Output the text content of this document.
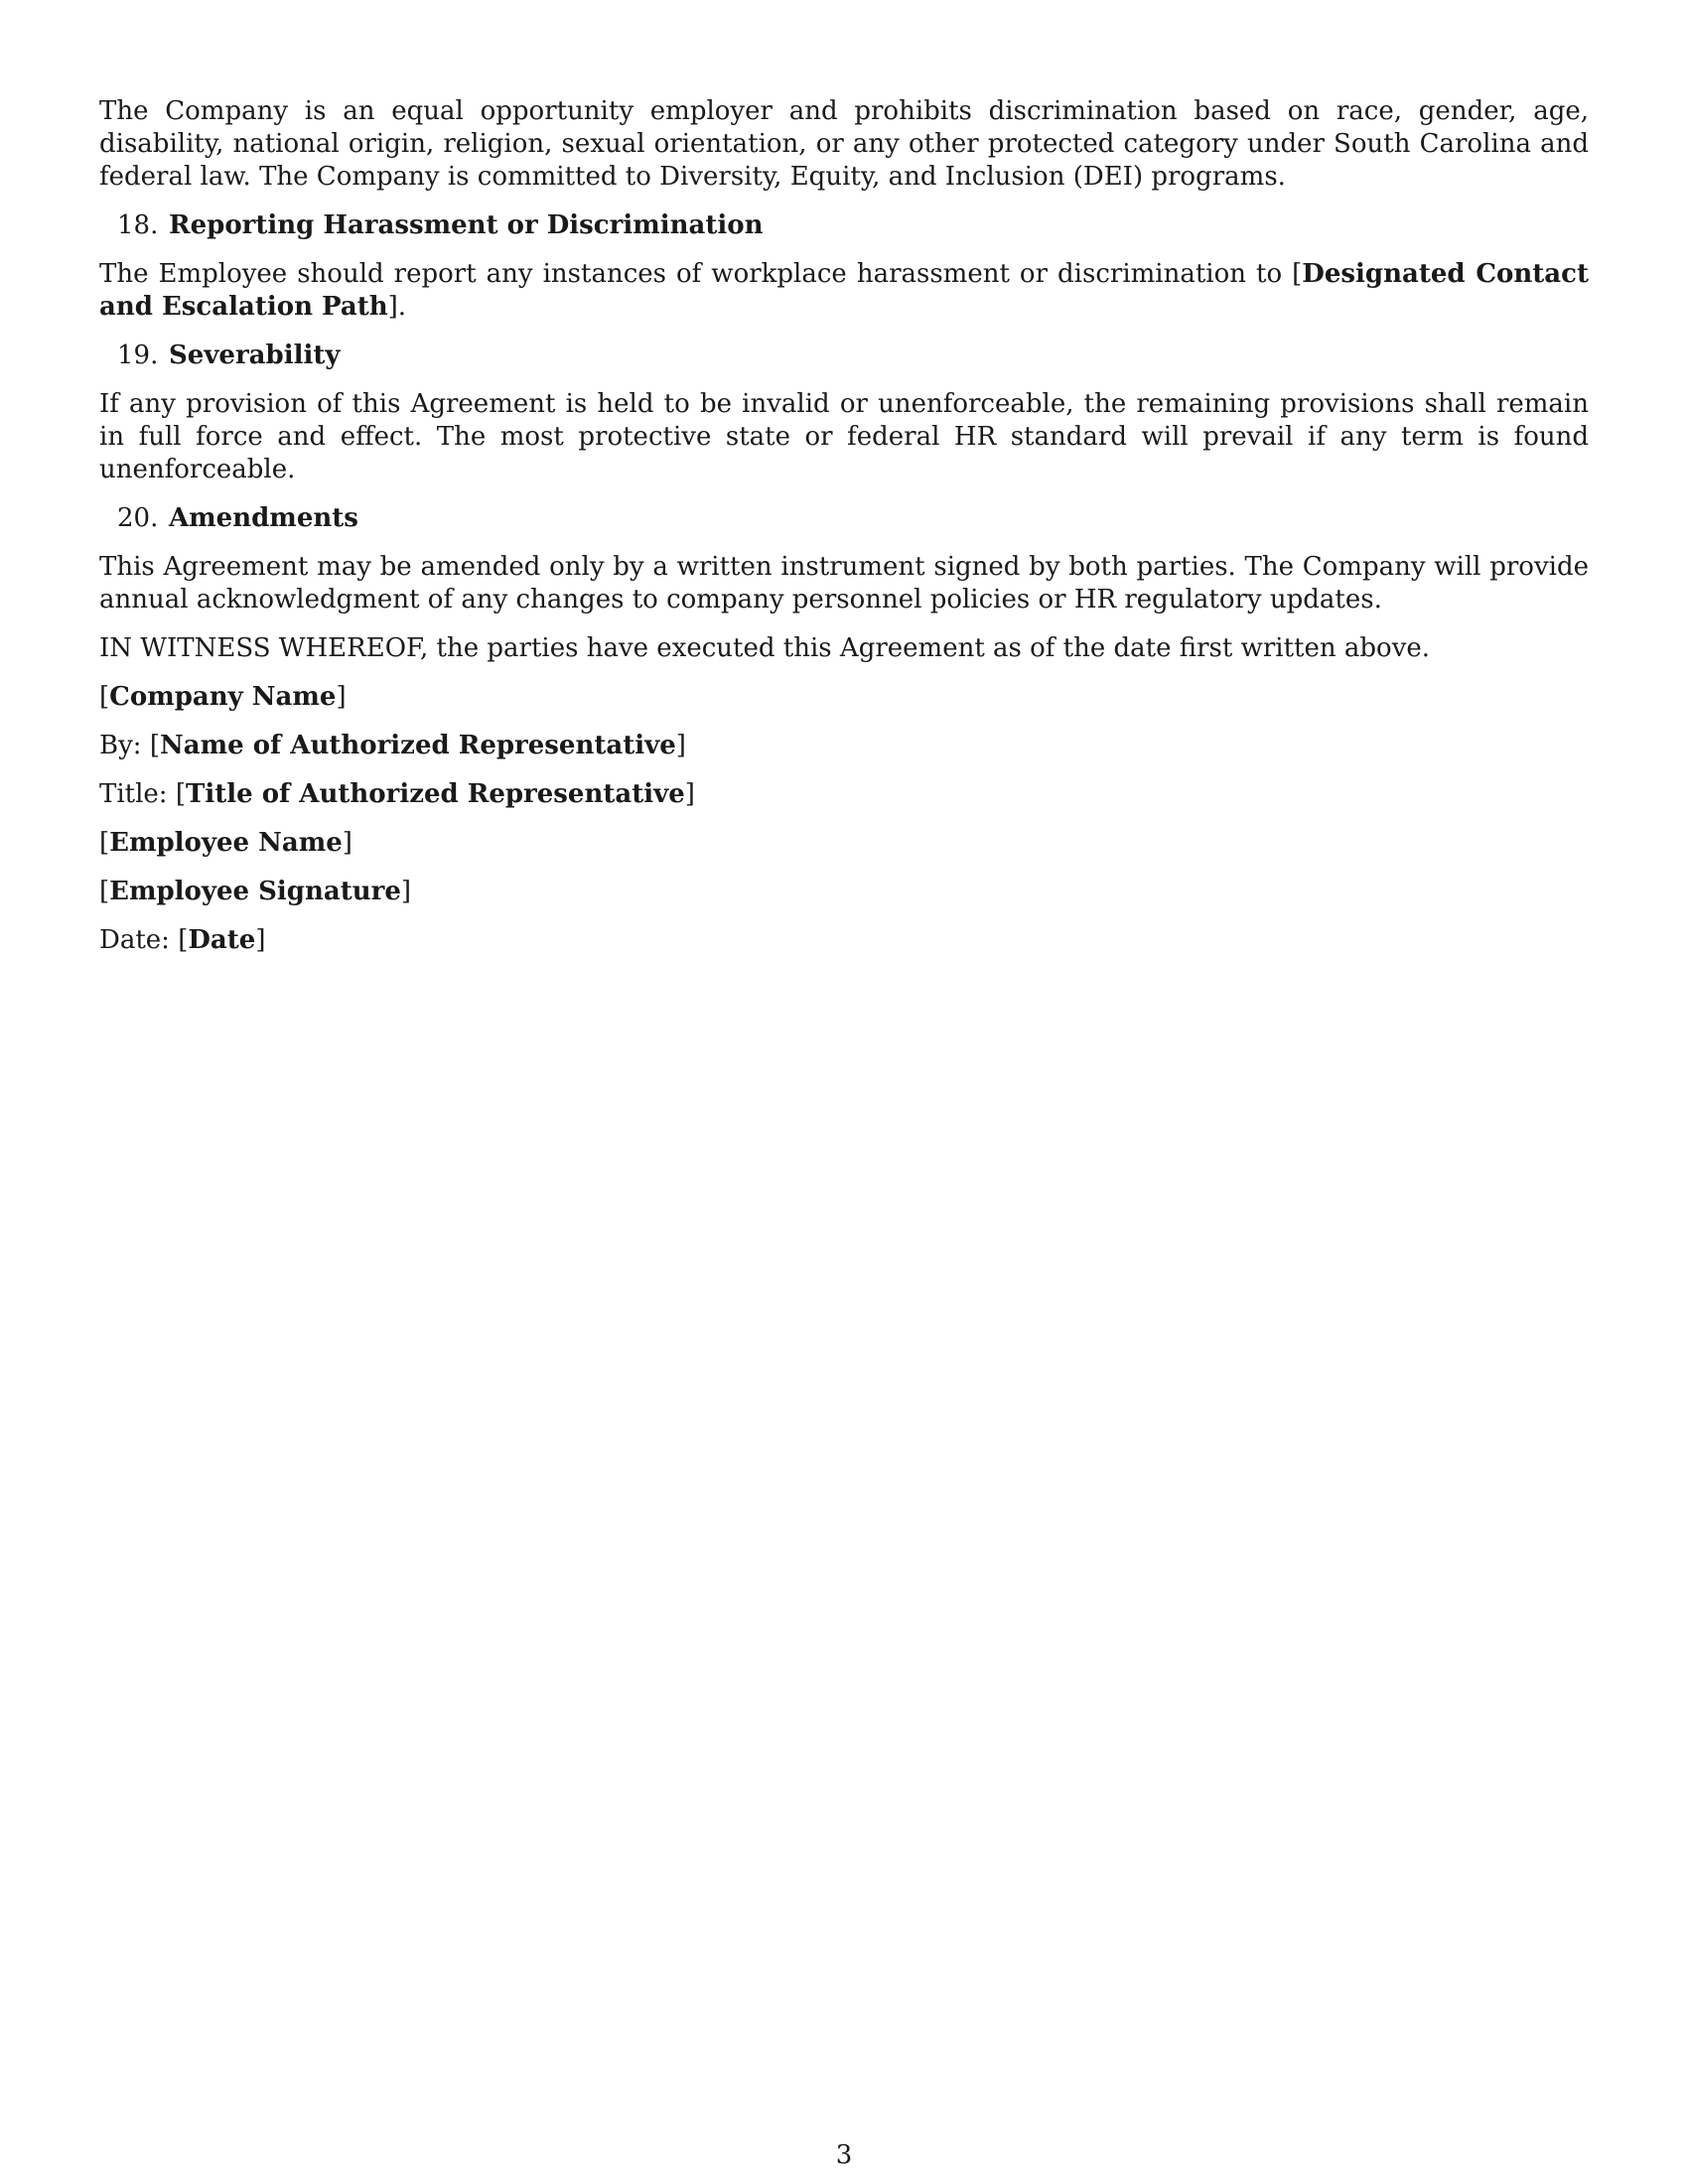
The Company is an equal opportunity employer and prohibits discrimination based on race, gender, age, disability, national origin, religion, sexual orientation, or any other protected category under South Carolina and federal law. The Company is committed to Diversity, Equity, and Inclusion (DEI) programs.

18. Reporting Harassment or Discrimination

The Employee should report any instances of workplace harassment or discrimination to [Designated Contact and Escalation Path].

19. Severability

If any provision of this Agreement is held to be invalid or unenforceable, the remaining provisions shall remain in full force and effect. The most protective state or federal HR standard will prevail if any term is found unenforceable.

20. Amendments

This Agreement may be amended only by a written instrument signed by both parties. The Company will provide annual acknowledgment of any changes to company personnel policies or HR regulatory updates.

IN WITNESS WHEREOF, the parties have executed this Agreement as of the date first written above.

[Company Name]

By: [Name of Authorized Representative]

Title: [Title of Authorized Representative]

[Employee Name]

[Employee Signature]

Date: [Date]

3
